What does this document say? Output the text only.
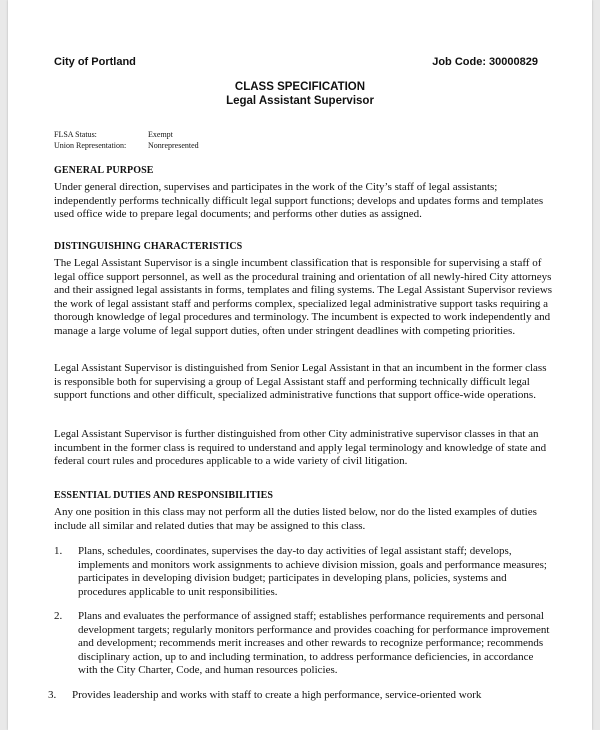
City of Portland	Job Code: 30000829
CLASS SPECIFICATION
Legal Assistant Supervisor
FLSA Status:	Exempt
Union Representation:	Nonrepresented
GENERAL PURPOSE

Under general direction, supervises and participates in the work of the City’s staff of legal assistants; independently performs technically difficult legal support functions; develops and updates forms and templates used office wide to prepare legal documents; and performs other duties as assigned.

DISTINGUISHING CHARACTERISTICS

The Legal Assistant Supervisor is a single incumbent classification that is responsible for supervising a staff of legal office support personnel, as well as the procedural training and orientation of all newly-hired City attorneys and their assigned legal assistants in forms, templates and filing systems. The Legal Assistant Supervisor reviews the work of legal assistant staff and performs complex, specialized legal administrative support tasks requiring a thorough knowledge of legal procedures and terminology. The incumbent is expected to work independently and manage a large volume of legal support duties, often under stringent deadlines with competing priorities.

Legal Assistant Supervisor is distinguished from Senior Legal Assistant in that an incumbent in the former class is responsible both for supervising a group of Legal Assistant staff and performing technically difficult legal support functions and other difficult, specialized administrative functions that support office-wide operations.

Legal Assistant Supervisor is further distinguished from other City administrative supervisor classes in that an incumbent in the former class is required to understand and apply legal terminology and knowledge of state and federal court rules and procedures applicable to a wide variety of civil litigation.

ESSENTIAL DUTIES AND RESPONSIBILITIES

Any one position in this class may not perform all the duties listed below, nor do the listed examples of duties include all similar and related duties that may be assigned to this class.

1. Plans, schedules, coordinates, supervises the day-to day activities of legal assistant staff; develops, implements and monitors work assignments to achieve division mission, goals and performance measures; participates in developing division budget; participates in developing plans, policies, systems and procedures applicable to unit responsibilities.
2. Plans and evaluates the performance of assigned staff; establishes performance requirements and personal development targets; regularly monitors performance and provides coaching for performance improvement and development; recommends merit increases and other rewards to recognize performance; recommends disciplinary action, up to and including termination, to address performance deficiencies, in accordance with the City Charter, Code, and human resources policies.
3. Provides leadership and works with staff to create a high performance, service-oriented work
